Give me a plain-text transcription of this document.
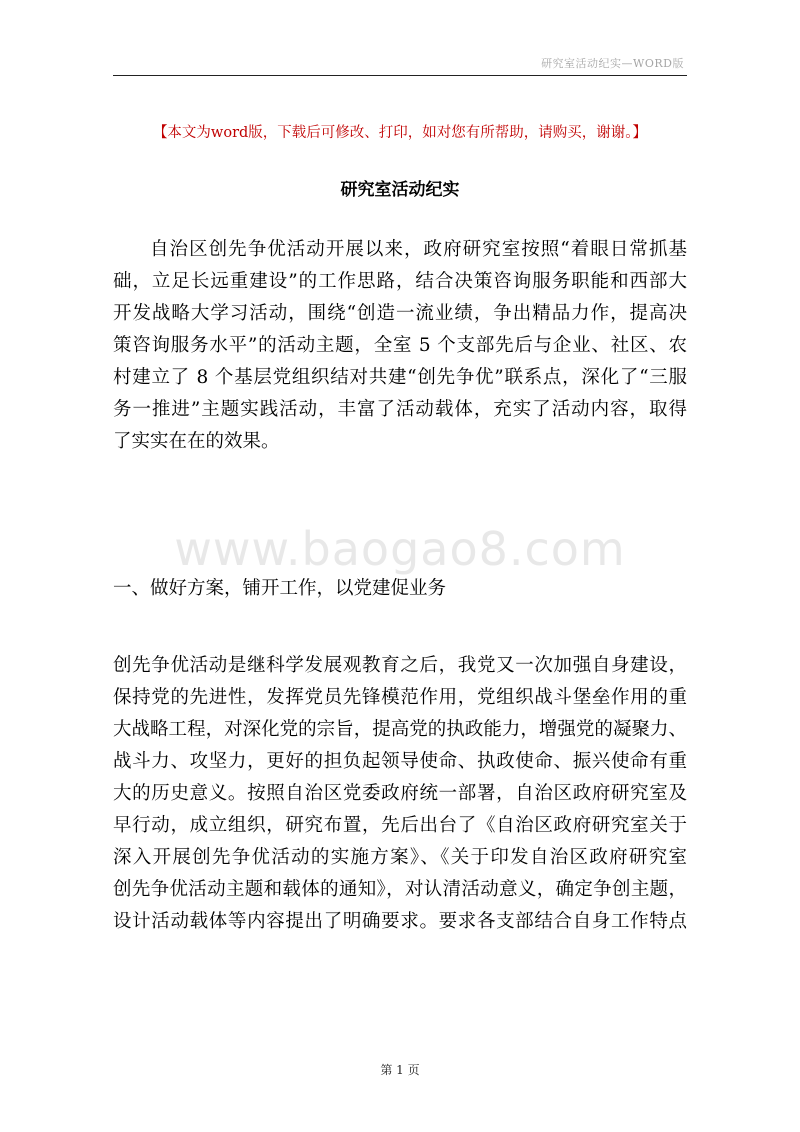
研究室活动纪实—WORD版
【本文为word版，下载后可修改、打印，如对您有所帮助，请购买，谢谢。】
研究室活动纪实
自治区创先争优活动开展以来，政府研究室按照“着眼日常抓基
础，立足长远重建设”的工作思路，结合决策咨询服务职能和西部大
开发战略大学习活动，围绕“创造一流业绩，争出精品力作，提高决
策咨询服务水平”的活动主题，全室 5 个支部先后与企业、社区、农
村建立了 8 个基层党组织结对共建“创先争优”联系点，深化了“三服
务一推进”主题实践活动，丰富了活动载体，充实了活动内容，取得
了实实在在的效果。
www.baogao8.com
一、做好方案，铺开工作，以党建促业务
创先争优活动是继科学发展观教育之后，我党又一次加强自身建设，
保持党的先进性，发挥党员先锋模范作用，党组织战斗堡垒作用的重
大战略工程，对深化党的宗旨，提高党的执政能力，增强党的凝聚力、
战斗力、攻坚力，更好的担负起领导使命、执政使命、振兴使命有重
大的历史意义。按照自治区党委政府统一部署，自治区政府研究室及
早行动，成立组织，研究布置，先后出台了《自治区政府研究室关于
深入开展创先争优活动的实施方案》、《关于印发自治区政府研究室
创先争优活动主题和载体的通知》，对认清活动意义，确定争创主题，
设计活动载体等内容提出了明确要求。要求各支部结合自身工作特点
第 1 页
